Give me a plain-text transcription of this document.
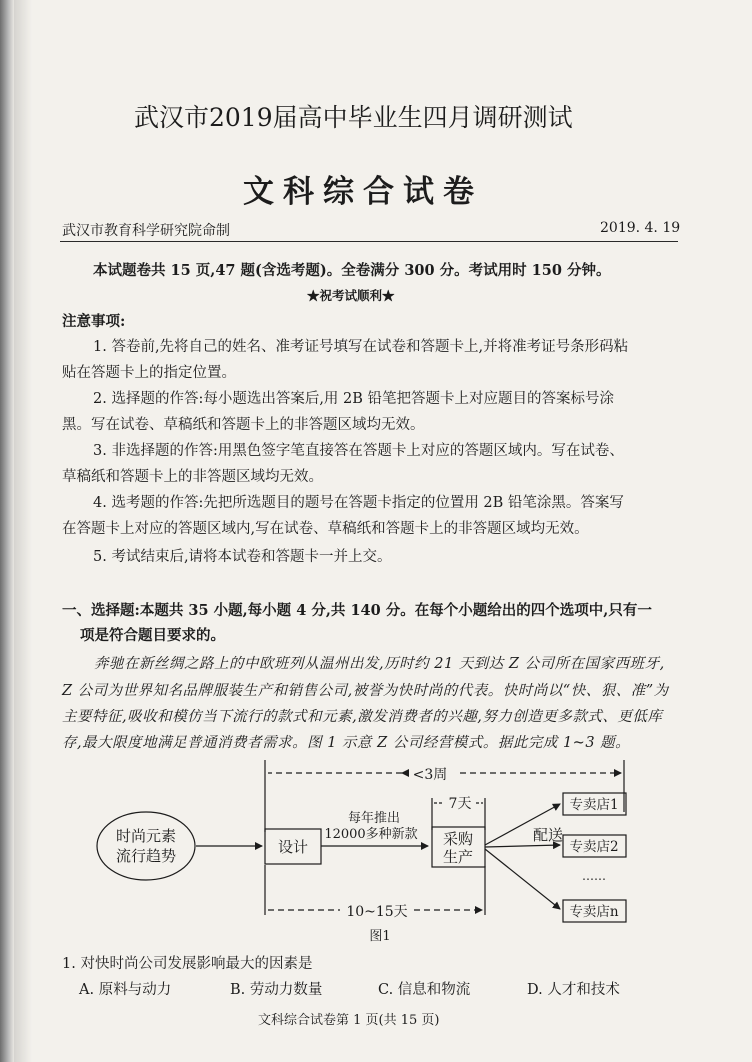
武汉市2019届高中毕业生四月调研测试
文科综合试卷
武汉市教育科学研究院命制	2019. 4. 19
本试题卷共 15 页,47 题(含选考题)。全卷满分 300 分。考试用时 150 分钟。
★祝考试顺利★
注意事项:
1. 答卷前,先将自己的姓名、准考证号填写在试卷和答题卡上,并将准考证号条形码粘
贴在答题卡上的指定位置。
2. 选择题的作答:每小题选出答案后,用 2B 铅笔把答题卡上对应题目的答案标号涂
黑。写在试卷、草稿纸和答题卡上的非答题区域均无效。
3. 非选择题的作答:用黑色签字笔直接答在答题卡上对应的答题区域内。写在试卷、
草稿纸和答题卡上的非答题区域均无效。
4. 选考题的作答:先把所选题目的题号在答题卡指定的位置用 2B 铅笔涂黑。答案写
在答题卡上对应的答题区域内,写在试卷、草稿纸和答题卡上的非答题区域均无效。
5. 考试结束后,请将本试卷和答题卡一并上交。
一、选择题:本题共 35 小题,每小题 4 分,共 140 分。在每个小题给出的四个选项中,只有一
项是符合题目要求的。
奔驰在新丝绸之路上的中欧班列从温州出发,历时约 21 天到达 Z 公司所在国家西班牙,
Z 公司为世界知名品牌服装生产和销售公司,被誉为快时尚的代表。快时尚以“快、狠、准”为
主要特征,吸收和模仿当下流行的款式和元素,激发消费者的兴趣,努力创造更多款式、更低库
存,最大限度地满足普通消费者需求。图 1 示意 Z 公司经营模式。据此完成 1~3 题。
<3周
7天
10~15天
时尚元素
流行趋势	设计
每年推出
12000多种新款 采购
生产
配送
专卖店1
专卖店2
……
专卖店n
图1
1. 对快时尚公司发展影响最大的因素是
A. 原料与动力	B. 劳动力数量	C. 信息和物流	D. 人才和技术
文科综合试卷第 1 页(共 15 页)
